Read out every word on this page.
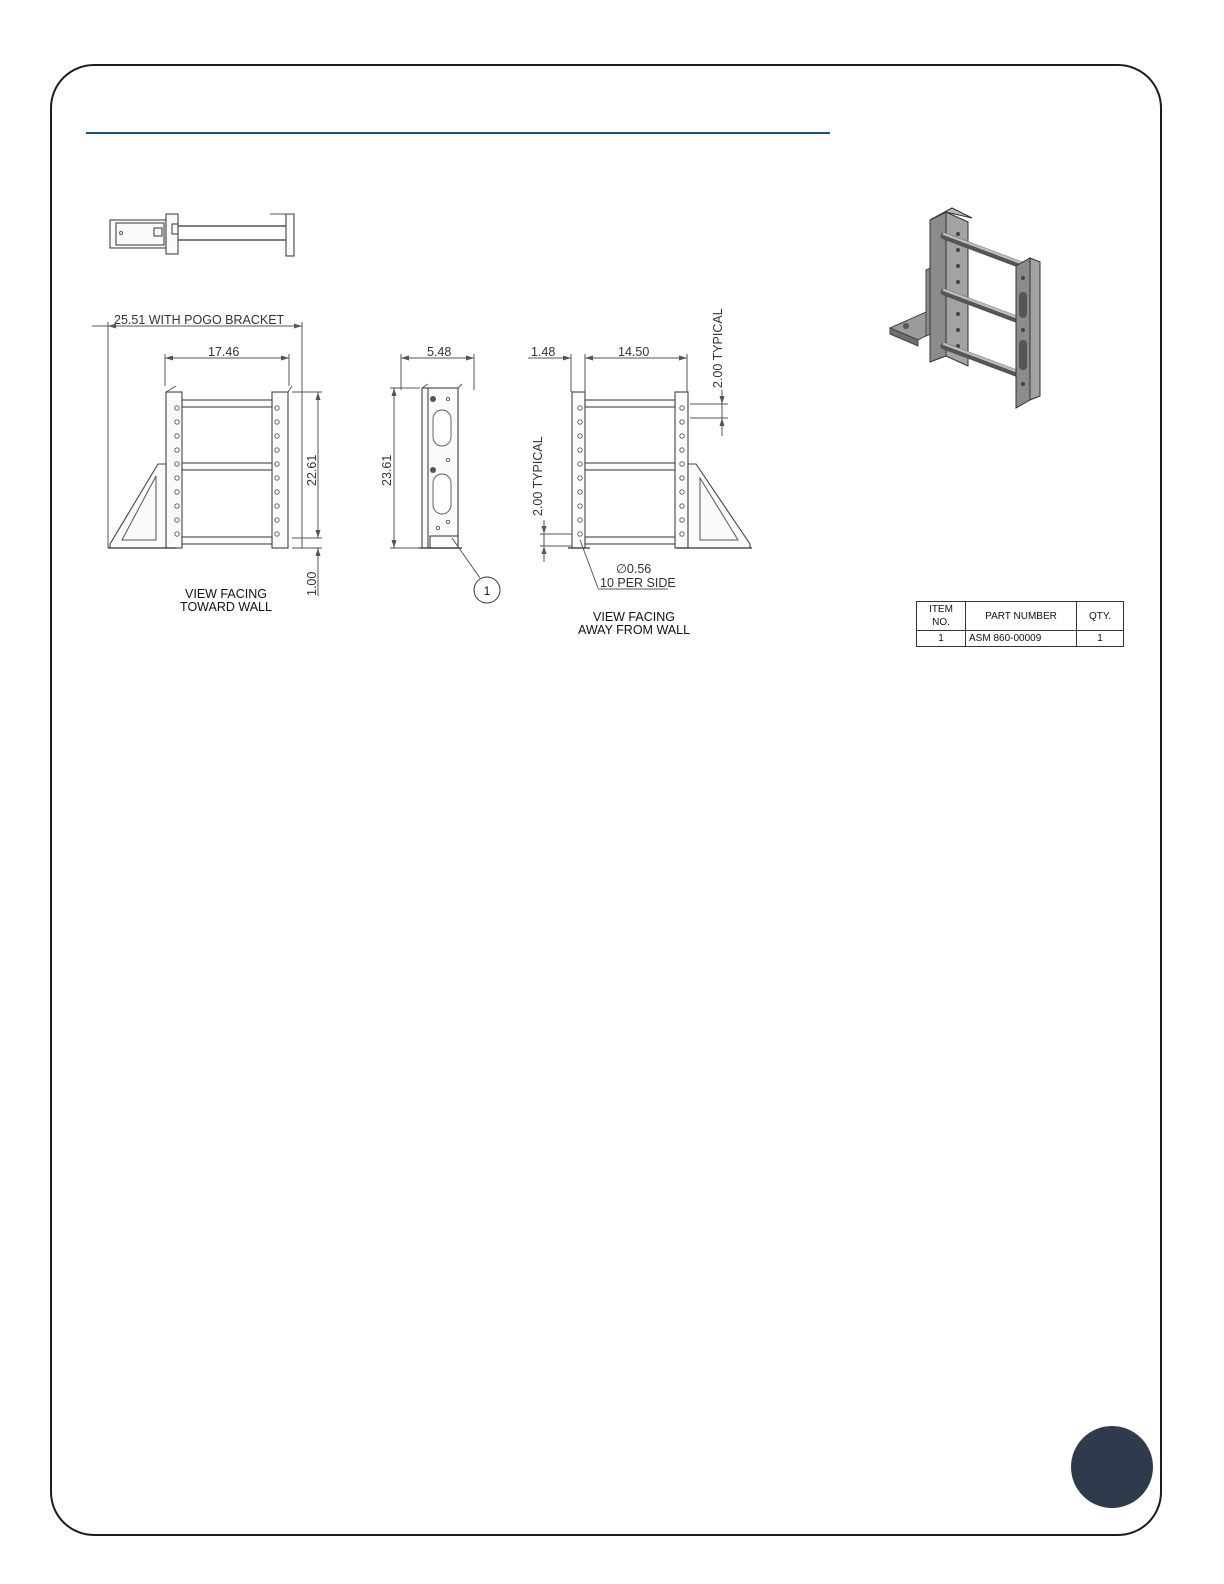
25.51 WITH POGO BRACKET
17.46
22.61
1.00
VIEW FACING
TOWARD WALL
5.48
23.61
1
1.48	14.50	2.00 TYPICAL
2.00 TYPICAL
∅0.56
10 PER SIDE
VIEW FACING
AWAY FROM WALL
ITEM NO.	PART NUMBER	QTY.
1	ASM 860-00009	1
